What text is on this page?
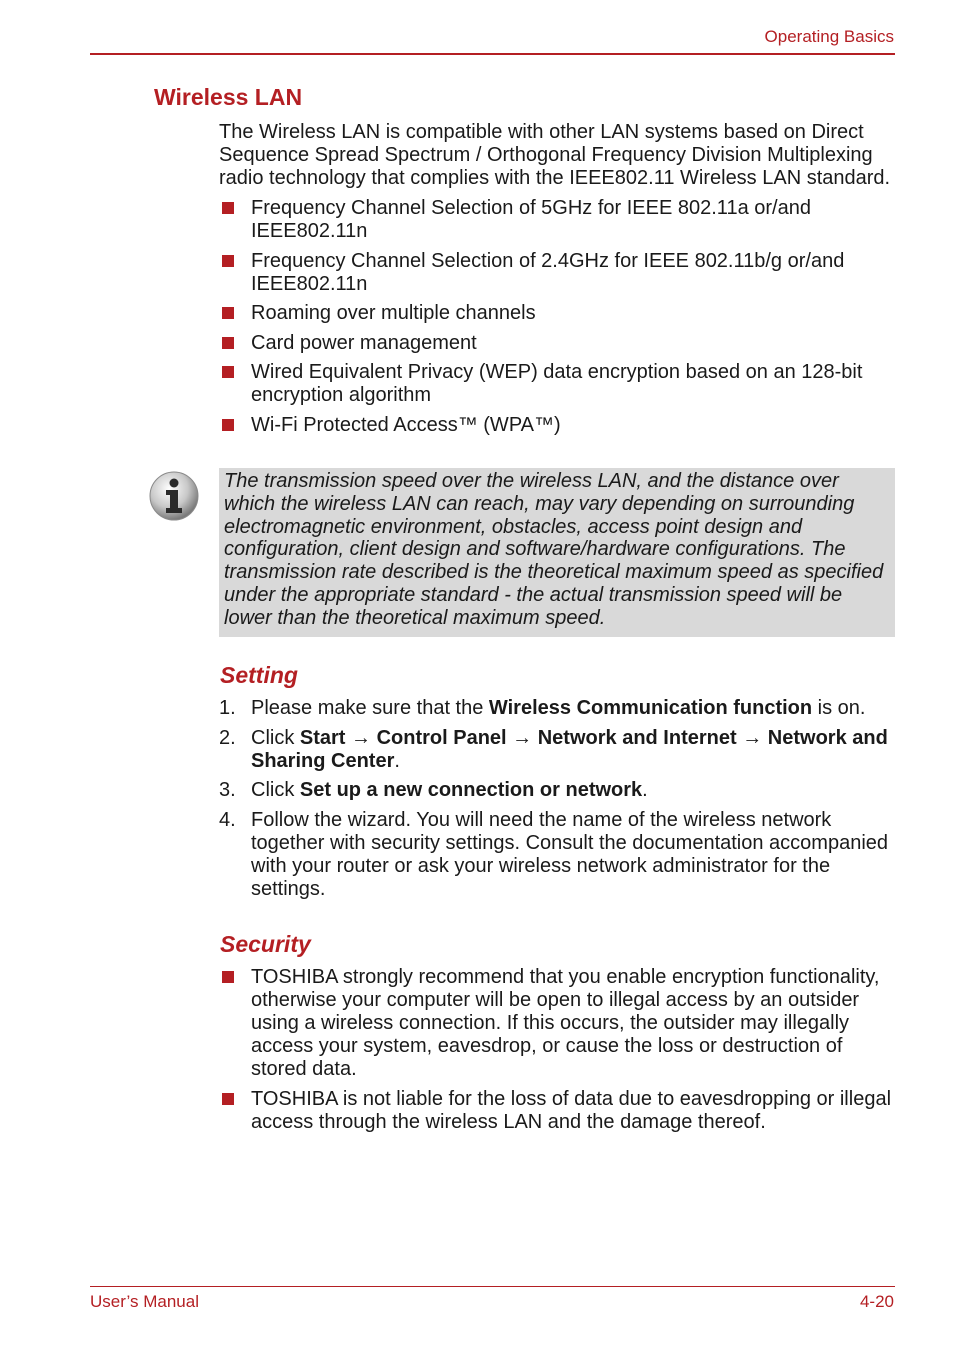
Operating Basics
Wireless LAN

The Wireless LAN is compatible with other LAN systems based on Direct Sequence Spread Spectrum / Orthogonal Frequency Division Multiplexing radio technology that complies with the IEEE802.11 Wireless LAN standard.

Frequency Channel Selection of 5GHz for IEEE 802.11a or/and IEEE802.11n
Frequency Channel Selection of 2.4GHz for IEEE 802.11b/g or/and IEEE802.11n
Roaming over multiple channels
Card power management
Wired Equivalent Privacy (WEP) data encryption based on an 128-bit encryption algorithm
Wi-Fi Protected Access™ (WPA™)

The transmission speed over the wireless LAN, and the distance over which the wireless LAN can reach, may vary depending on surrounding electromagnetic environment, obstacles, access point design and configuration, client design and software/hardware configurations. The transmission rate described is the theoretical maximum speed as specified under the appropriate standard - the actual transmission speed will be lower than the theoretical maximum speed.

Setting
1. Please make sure that the Wireless Communication function is on.
2. Click Start → Control Panel → Network and Internet → Network and Sharing Center.
3. Click Set up a new connection or network.
4. Follow the wizard. You will need the name of the wireless network together with security settings. Consult the documentation accompanied with your router or ask your wireless network administrator for the settings.
Security
TOSHIBA strongly recommend that you enable encryption functionality, otherwise your computer will be open to illegal access by an outsider using a wireless connection. If this occurs, the outsider may illegally access your system, eavesdrop, or cause the loss or destruction of stored data.
TOSHIBA is not liable for the loss of data due to eavesdropping or illegal access through the wireless LAN and the damage thereof.
User’s Manual	4-20
